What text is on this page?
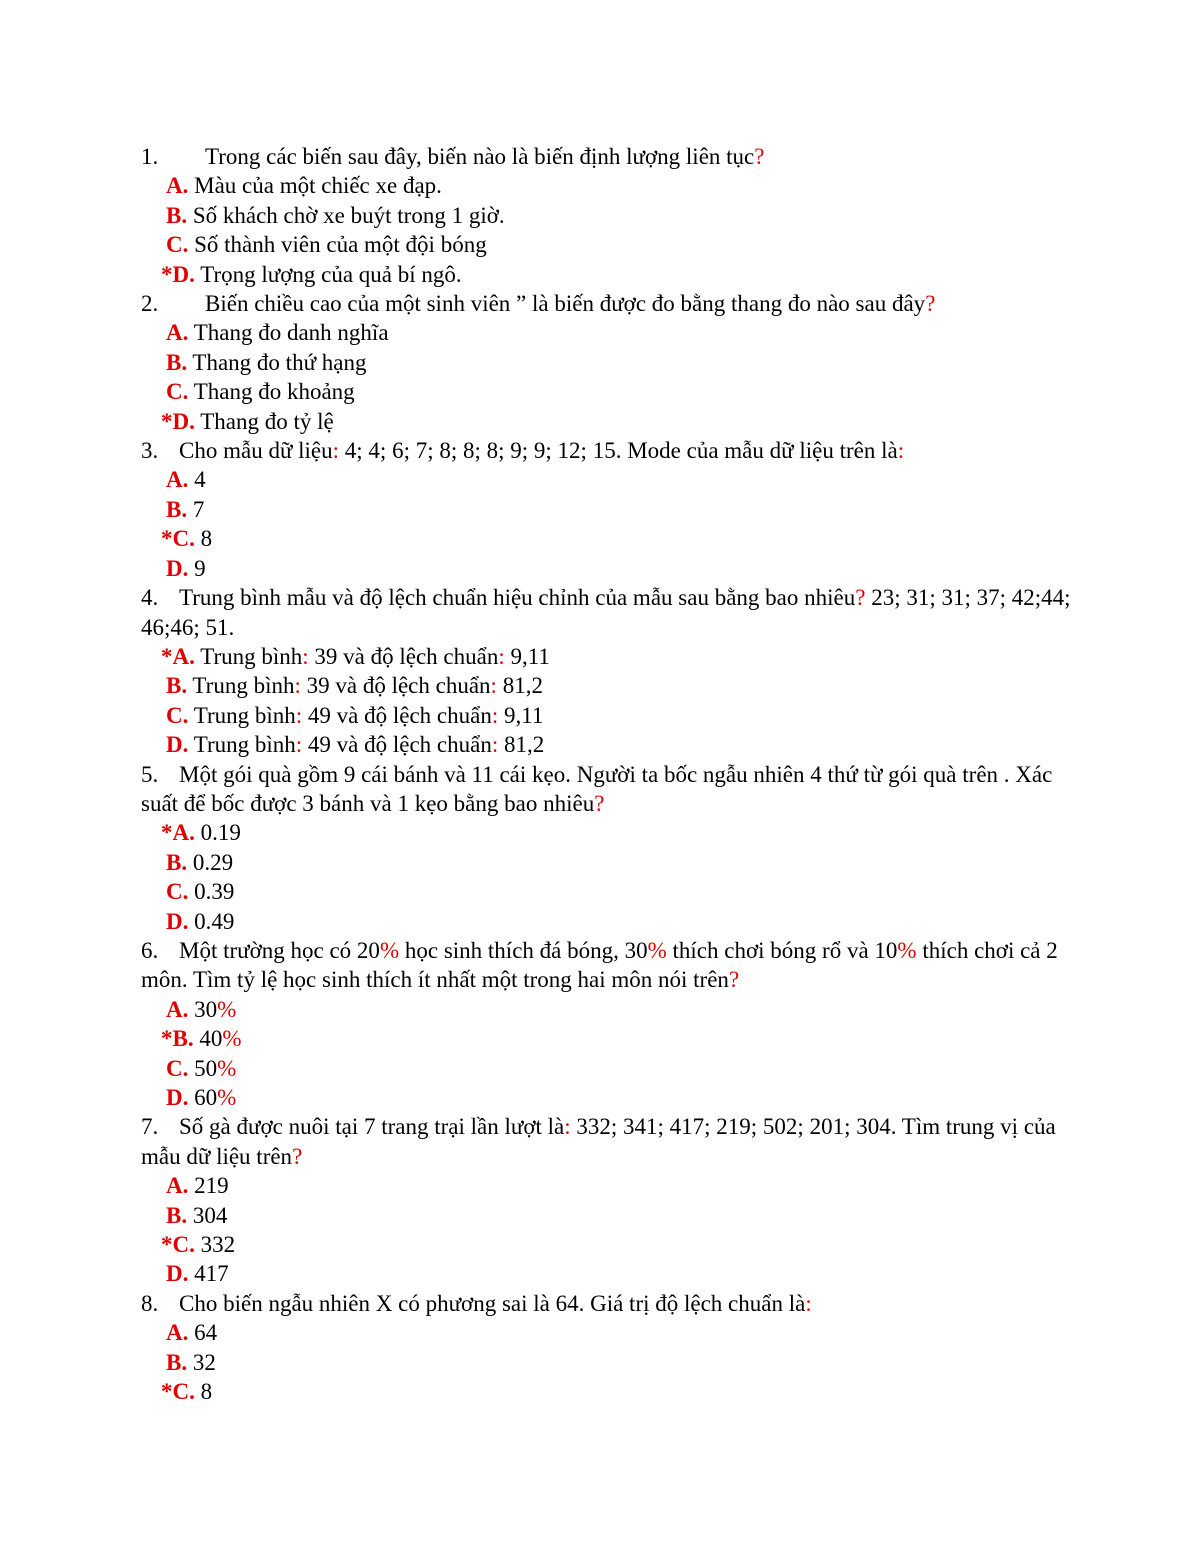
1. Trong các biến sau đây, biến nào là biến định lượng liên tục?

A. Màu của một chiếc xe đạp.

B. Số khách chờ xe buýt trong 1 giờ.

C. Số thành viên của một đội bóng

*D. Trọng lượng của quả bí ngô.

2. Biến chiều cao của một sinh viên ” là biến được đo bằng thang đo nào sau đây?

A. Thang đo danh nghĩa

B. Thang đo thứ hạng

C. Thang đo khoảng

*D. Thang đo tỷ lệ

3. Cho mẫu dữ liệu: 4; 4; 6; 7; 8; 8; 8; 9; 9; 12; 15. Mode của mẫu dữ liệu trên là:

A. 4

B. 7

*C. 8

D. 9

4. Trung bình mẫu và độ lệch chuẩn hiệu chỉnh của mẫu sau bằng bao nhiêu? 23; 31; 31; 37; 42;44; 46;46; 51.

*A. Trung bình: 39 và độ lệch chuẩn: 9,11

B. Trung bình: 39 và độ lệch chuẩn: 81,2

C. Trung bình: 49 và độ lệch chuẩn: 9,11

D. Trung bình: 49 và độ lệch chuẩn: 81,2

5. Một gói quà gồm 9 cái bánh và 11 cái kẹo. Người ta bốc ngẫu nhiên 4 thứ từ gói quà trên . Xác suất để bốc được 3 bánh và 1 kẹo bằng bao nhiêu?

*A. 0.19

B. 0.29

C. 0.39

D. 0.49

6. Một trường học có 20% học sinh thích đá bóng, 30% thích chơi bóng rổ và 10% thích chơi cả 2 môn. Tìm tỷ lệ học sinh thích ít nhất một trong hai môn nói trên?

A. 30%

*B. 40%

C. 50%

D. 60%

7. Số gà được nuôi tại 7 trang trại lần lượt là: 332; 341; 417; 219; 502; 201; 304. Tìm trung vị của mẫu dữ liệu trên?

A. 219

B. 304

*C. 332

D. 417

8. Cho biến ngẫu nhiên X có phương sai là 64. Giá trị độ lệch chuẩn là:

A. 64

B. 32

*C. 8
